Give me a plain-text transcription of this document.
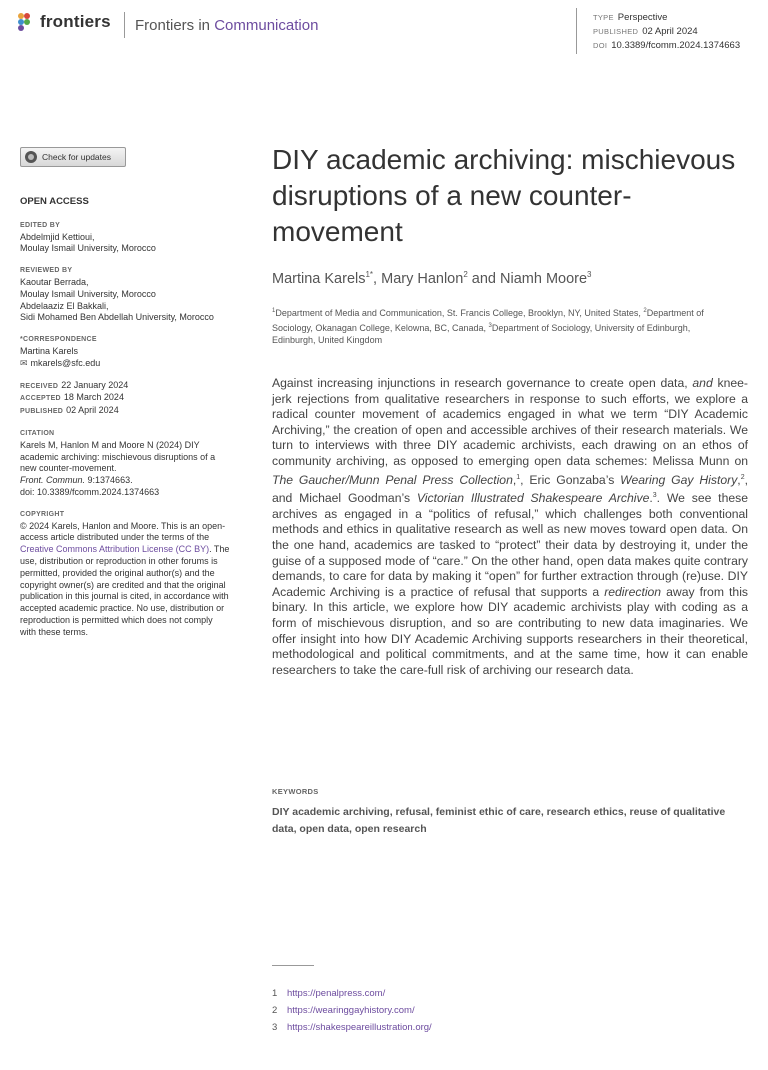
frontiers Frontiers in Communication	TYPE Perspective
PUBLISHED 02 April 2024
DOI 10.3389/fcomm.2024.1374663
Check for updates
OPEN ACCESS
EDITED BY
Abdelmjid Kettioui,
Moulay Ismail University, Morocco
REVIEWED BY
Kaoutar Berrada,
Moulay Ismail University, Morocco
Abdelaaziz El Bakkali,
Sidi Mohamed Ben Abdellah University, Morocco
*CORRESPONDENCE
Martina Karels
✉ mkarels@sfc.edu
RECEIVED 22 January 2024
ACCEPTED 18 March 2024
PUBLISHED 02 April 2024
CITATION
Karels M, Hanlon M and Moore N (2024) DIY academic archiving: mischievous disruptions of a new counter-movement.
Front. Commun. 9:1374663.
doi: 10.3389/fcomm.2024.1374663
COPYRIGHT
© 2024 Karels, Hanlon and Moore. This is an open-access article distributed under the terms of the Creative Commons Attribution License (CC BY). The use, distribution or reproduction in other forums is permitted, provided the original author(s) and the copyright owner(s) are credited and that the original publication in this journal is cited, in accordance with accepted academic practice. No use, distribution or reproduction is permitted which does not comply with these terms.
DIY academic archiving: mischievous disruptions of a new counter-movement
Martina Karels$^{1*}$, Mary Hanlon$^2$ and Niamh Moore$^3$
$^1$Department of Media and Communication, St. Francis College, Brooklyn, NY, United States, $^2$Department of Sociology, Okanagan College, Kelowna, BC, Canada, $^3$Department of Sociology, University of Edinburgh, Edinburgh, United Kingdom
Against increasing injunctions in research governance to create open data, and knee-jerk rejections from qualitative researchers in response to such efforts, we explore a radical counter movement of academics engaged in what we term “DIY Academic Archiving,” the creation of open and accessible archives of their research materials. We turn to interviews with three DIY academic archivists, each drawing on an ethos of community archiving, as opposed to emerging open data schemes: Melissa Munn on The Gaucher/Munn Penal Press Collection,$^1$, Eric Gonzaba’s Wearing Gay History,$^2$, and Michael Goodman’s Victorian Illustrated Shakespeare Archive.$^3$. We see these archives as engaged in a “politics of refusal,” which challenges both conventional methods and ethics in qualitative research as well as new moves toward open data. On the one hand, academics are tasked to “protect” their data by destroying it, under the guise of a supposed mode of “care.” On the other hand, open data makes quite contrary demands, to care for data by making it “open” for further extraction through (re)use. DIY Academic Archiving is a practice of refusal that supports a redirection away from this binary. In this article, we explore how DIY academic archivists play with coding as a form of mischievous disruption, and so are contributing to new data imaginaries. We offer insight into how DIY Academic Archiving supports researchers in their theoretical, methodological and political commitments, and at the same time, how it can enable researchers to take the care-full risk of archiving our research data.
KEYWORDS
DIY academic archiving, refusal, feminist ethic of care, research ethics, reuse of qualitative data, open data, open research
1 https://penalpress.com/
2 https://wearinggayhistory.com/
3 https://shakespeareillustration.org/
